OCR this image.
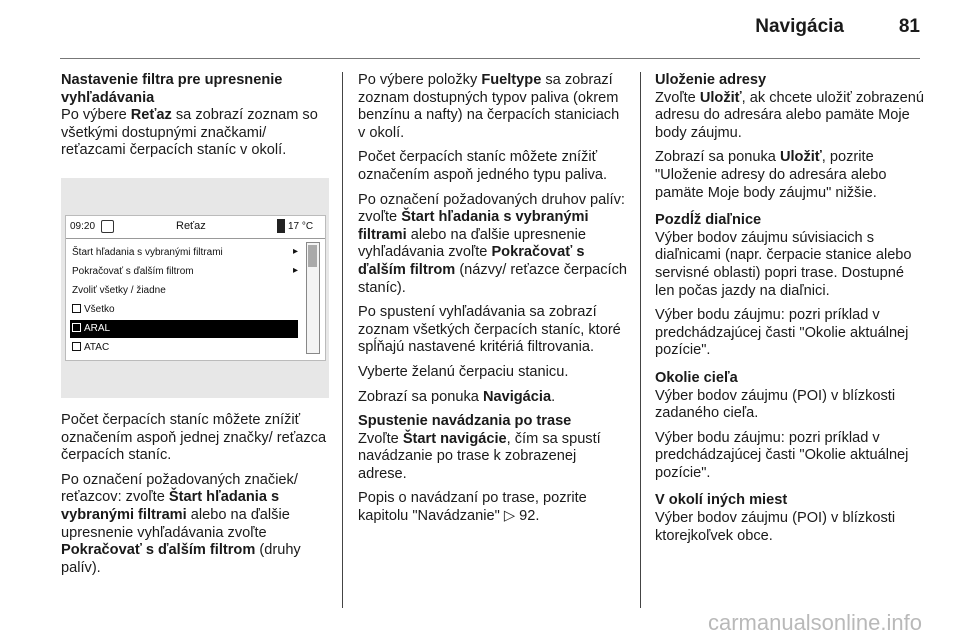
Navigácia	81
Nastavenie filtra pre upresnenie vyhľadávania

Po výbere Reťaz sa zobrazí zoznam so všetkými dostupnými značkami/ reťazcami čerpacích staníc v okolí.

09:20	Reťaz	17 °C
Štart hľadania s vybranými filtrami	▸
Pokračovať s ďalším filtrom	▸
Zvoliť všetky / žiadne
Všetko
ARAL
ATAC

Počet čerpacích staníc môžete znížiť označením aspoň jednej značky/ reťazca čerpacích staníc.

Po označení požadovaných značiek/ reťazcov: zvoľte Štart hľadania s vybranými filtrami alebo na ďalšie upresnenie vyhľadávania zvoľte Pokračovať s ďalším filtrom (druhy palív).

Po výbere položky Fueltype sa zobrazí zoznam dostupných typov paliva (okrem benzínu a nafty) na čerpacích staniciach v okolí.

Počet čerpacích staníc môžete znížiť označením aspoň jedného typu paliva.

Po označení požadovaných druhov palív: zvoľte Štart hľadania s vybranými filtrami alebo na ďalšie upresnenie vyhľadávania zvoľte Pokračovať s ďalším filtrom (názvy/ reťazce čerpacích staníc).

Po spustení vyhľadávania sa zobrazí zoznam všetkých čerpacích staníc, ktoré spĺňajú nastavené kritériá filtrovania.

Vyberte želanú čerpaciu stanicu.

Zobrazí sa ponuka Navigácia.

Spustenie navádzania po trase

Zvoľte Štart navigácie, čím sa spustí navádzanie po trase k zobrazenej adrese.

Popis o navádzaní po trase, pozrite kapitolu "Navádzanie" ▷ 92.

Uloženie adresy

Zvoľte Uložiť, ak chcete uložiť zobrazenú adresu do adresára alebo pamäte Moje body záujmu.

Zobrazí sa ponuka Uložiť, pozrite "Uloženie adresy do adresára alebo pamäte Moje body záujmu" nižšie.

Pozdĺž diaľnice

Výber bodov záujmu súvisiacich s diaľnicami (napr. čerpacie stanice alebo servisné oblasti) popri trase. Dostupné len počas jazdy na diaľnici.

Výber bodu záujmu: pozri príklad v predchádzajúcej časti "Okolie aktuálnej pozície".

Okolie cieľa

Výber bodov záujmu (POI) v blízkosti zadaného cieľa.

Výber bodu záujmu: pozri príklad v predchádzajúcej časti "Okolie aktuálnej pozície".

V okolí iných miest

Výber bodov záujmu (POI) v blízkosti ktorejkoľvek obce.

carmanualsonline.info
